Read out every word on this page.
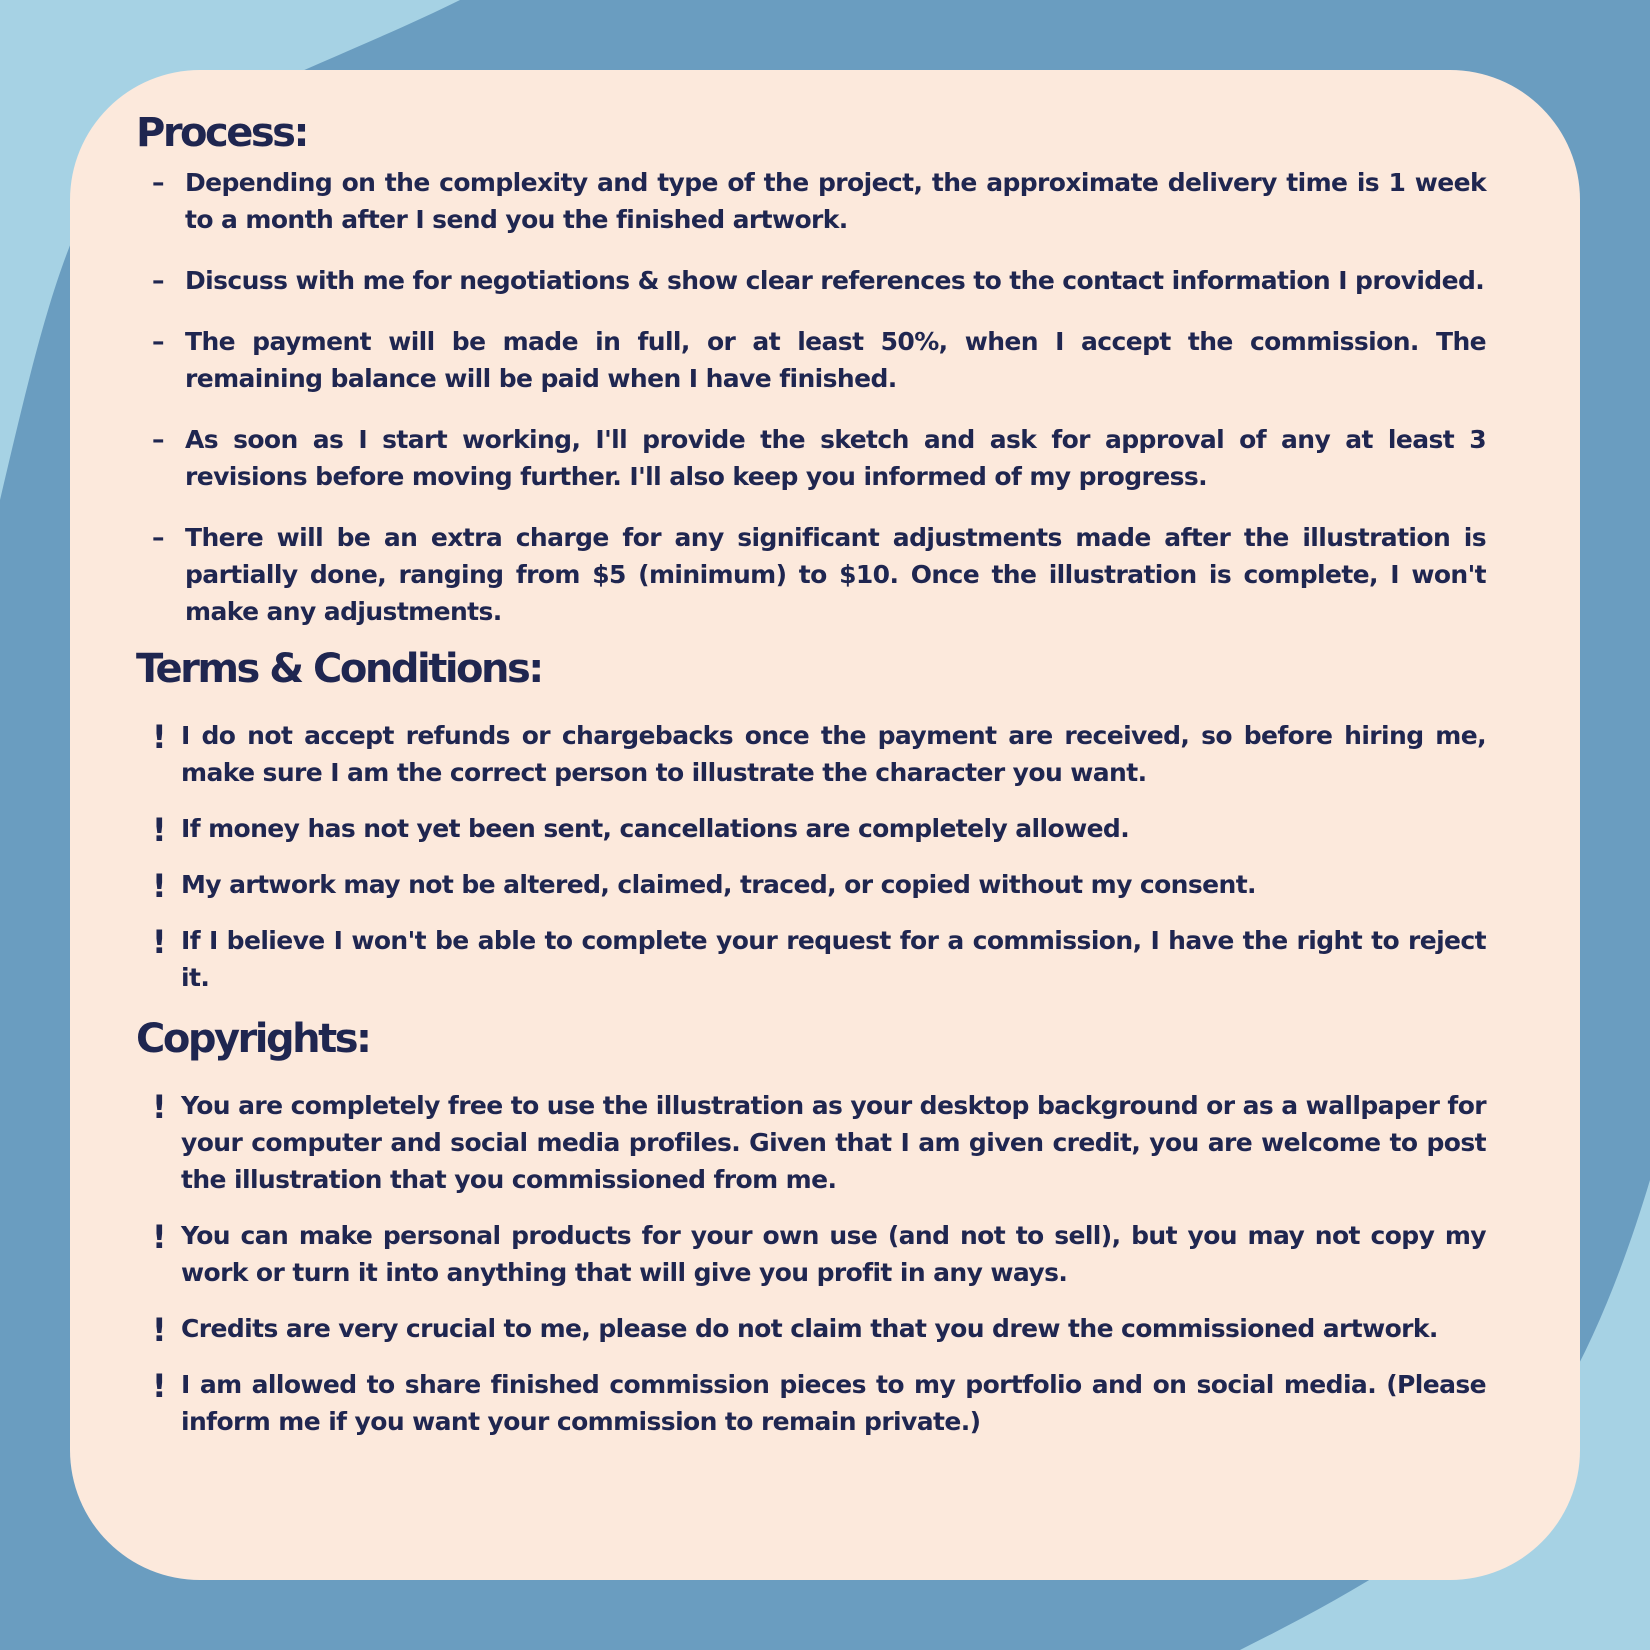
Process:
– Depending on the complexity and type of the project, the approximate delivery time is 1 week to a month after I send you the finished artwork.
– Discuss with me for negotiations & show clear references to the contact information I provided.
– The payment will be made in full, or at least 50%, when I accept the commission. The remaining balance will be paid when I have finished.
– As soon as I start working, I'll provide the sketch and ask for approval of any at least 3 revisions before moving further. I'll also keep you informed of my progress.
– There will be an extra charge for any significant adjustments made after the illustration is partially done, ranging from $5 (minimum) to $10. Once the illustration is complete, I won't make any adjustments.
Terms & Conditions:
! I do not accept refunds or chargebacks once the payment are received, so before hiring me, make sure I am the correct person to illustrate the character you want.
! If money has not yet been sent, cancellations are completely allowed.
! My artwork may not be altered, claimed, traced, or copied without my consent.
! If I believe I won't be able to complete your request for a commission, I have the right to reject it.
Copyrights:
! You are completely free to use the illustration as your desktop background or as a wallpaper for your computer and social media profiles. Given that I am given credit, you are welcome to post the illustration that you commissioned from me.
! You can make personal products for your own use (and not to sell), but you may not copy my work or turn it into anything that will give you profit in any ways.
! Credits are very crucial to me, please do not claim that you drew the commissioned artwork.
! I am allowed to share finished commission pieces to my portfolio and on social media. (Please inform me if you want your commission to remain private.)
